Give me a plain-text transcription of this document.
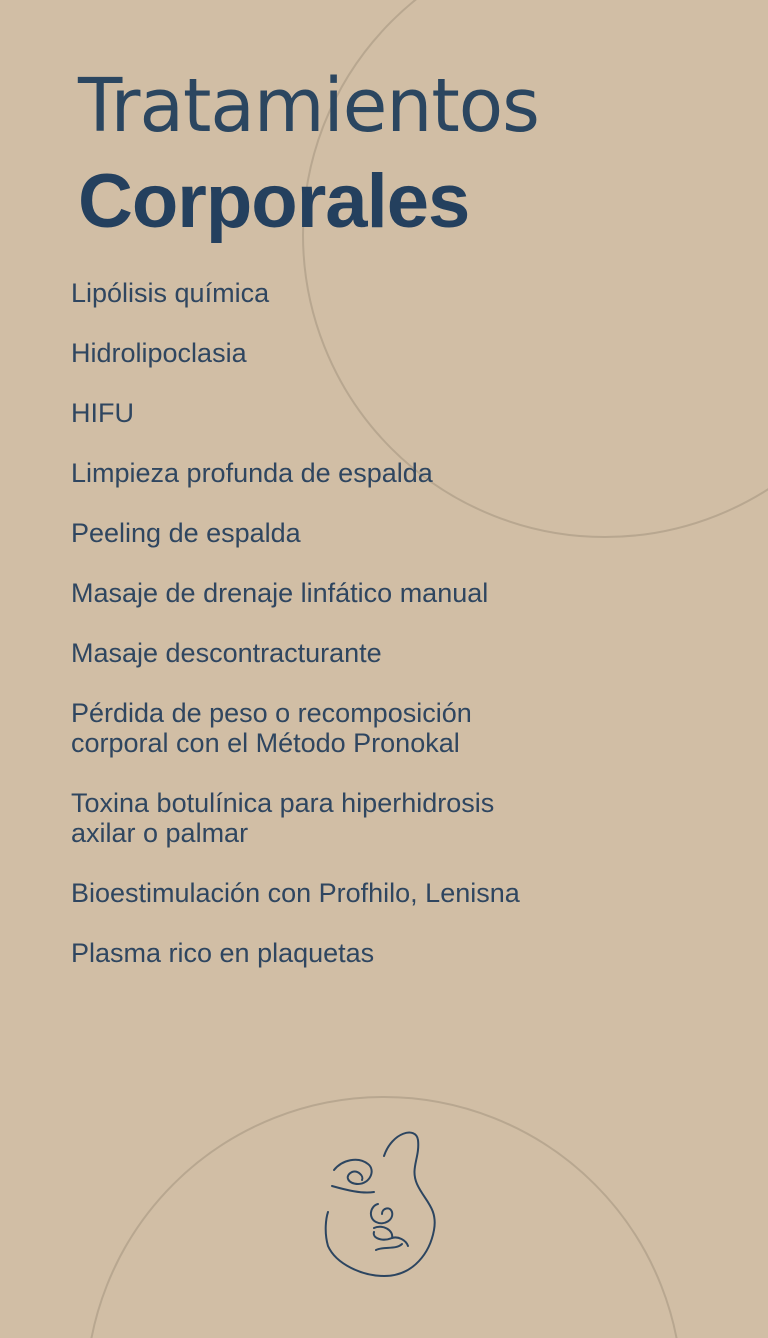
Tratamientos
Corporales
Lipólisis química
Hidrolipoclasia
HIFU
Limpieza profunda de espalda
Peeling de espalda
Masaje de drenaje linfático manual
Masaje descontracturante
Pérdida de peso o recomposición
corporal con el Método Pronokal
Toxina botulínica para hiperhidrosis
axilar o palmar
Bioestimulación con Profhilo, Lenisna
Plasma rico en plaquetas
